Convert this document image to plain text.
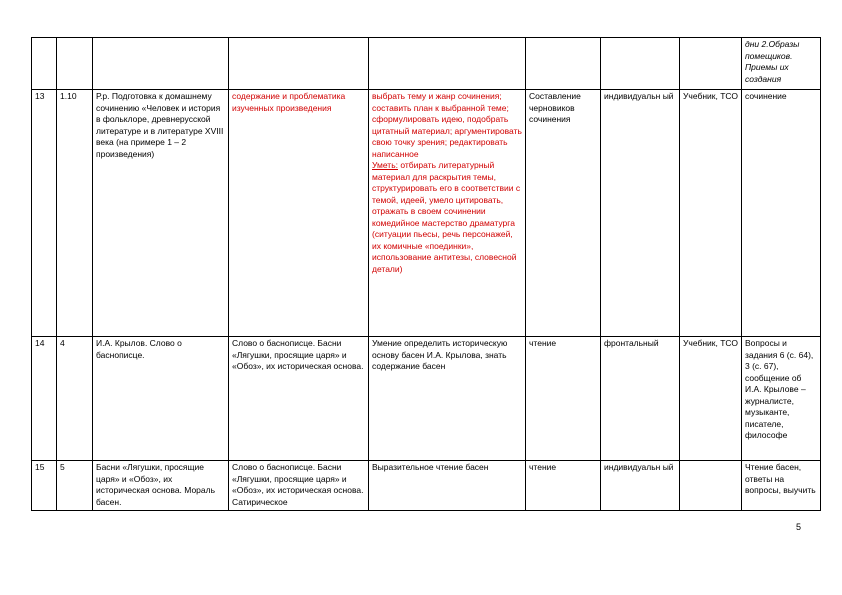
								дни 2.Образы помещиков. Приемы их создания
13	1.10	Р.р. Подготовка к домашнему сочинению «Человек и история в фольклоре, древнерусской литературе и в литературе XVIII века (на примере 1 – 2 произведения)	содержание и проблематика изученных произведения	выбрать тему и жанр сочинения; составить план к выбранной теме; сформулировать идею, подобрать цитатный материал; аргументировать свою точку зрения; редактировать написанное
Уметь: отбирать литературный материал для раскрытия темы, структурировать его в соответствии с темой, идеей, умело цитировать, отражать в своем сочинении комедийное мастерство драматурга (ситуации пьесы, речь персонажей, их комичные «поединки», использование антитезы, словесной детали)	Составление черновиков сочинения	индивидуальн ый	Учебник, ТСО	сочинение
14	4	И.А. Крылов. Слово о баснописце.	Слово о баснописце. Басни «Лягушки, просящие царя» и «Обоз», их историческая основа.	Умение определить историческую основу басен И.А. Крылова, знать содержание басен	чтение	фронтальный	Учебник, ТСО	Вопросы и задания 6 (с. 64), 3 (с. 67), сообщение об И.А. Крылове – журналисте, музыканте, писателе, философе
15	5	Басни «Лягушки, просящие царя» и «Обоз», их историческая основа. Мораль басен.	Слово о баснописце. Басни «Лягушки, просящие царя» и «Обоз», их историческая основа. Сатирическое	Выразительное чтение басен	чтение	индивидуальн ый		Чтение басен, ответы на вопросы, выучить
5
